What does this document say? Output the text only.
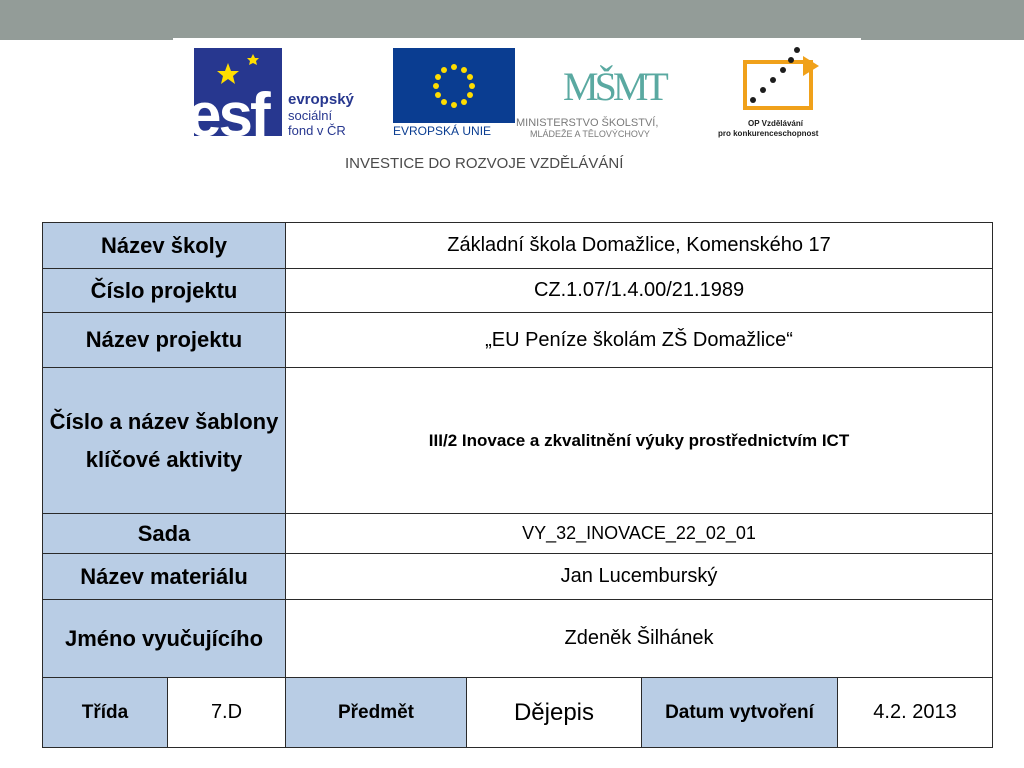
esf evropský
sociální
fond v ČR	EVROPSKÁ UNIE
MŠMT
MINISTERSTVO ŠKOLSTVÍ,
MLÁDEŽE A TĚLOVÝCHOVY
OP Vzdělávání
pro konkurenceschopnost
INVESTICE DO ROZVOJE VZDĚLÁVÁNÍ
Název školy		Základní škola Domažlice, Komenského 17			
Číslo projektu		CZ.1.07/1.4.00/21.1989			
Název projektu		„EU Peníze školám ZŠ Domažlice“			
Číslo a název šablony klíčové aktivity		III/2 Inovace a zkvalitnění výuky prostřednictvím ICT			
Sada		VY_32_INOVACE_22_02_01			
Název materiálu		Jan Lucemburský			
Jméno vyučujícího		Zdeněk Šilhánek			
Třída	7.D	Předmět	Dějepis	Datum vytvoření	4.2. 2013
